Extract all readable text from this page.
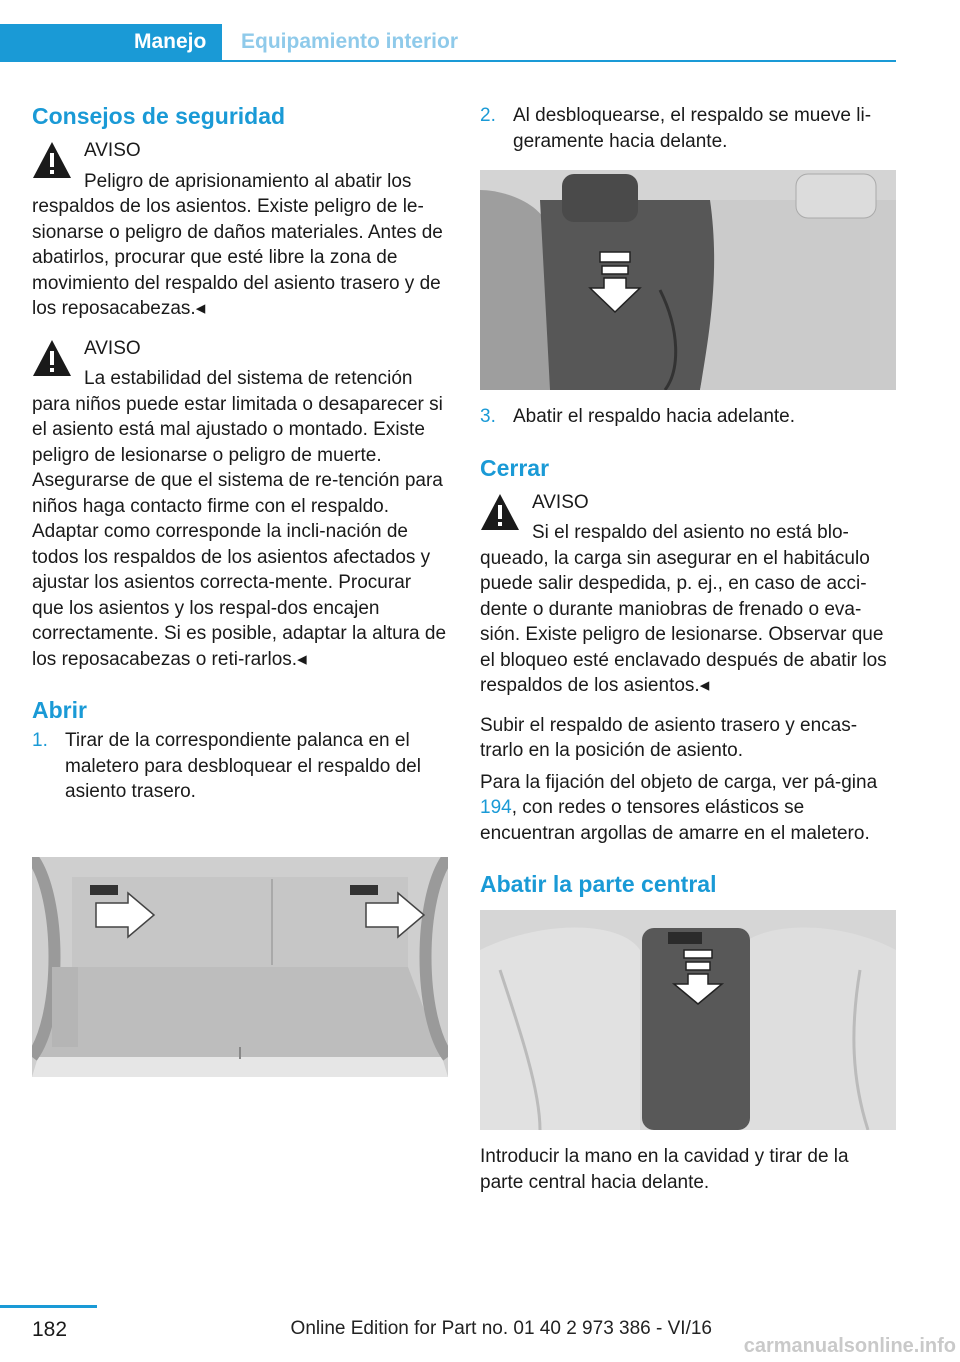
Manejo Equipamiento interior
Consejos de seguridad

AVISO

Peligro de aprisionamiento al abatir los respaldos de los asientos. Existe peligro de le-sionarse o peligro de daños materiales. Antes de abatirlos, procurar que esté libre la zona de movimiento del respaldo del asiento trasero y de los reposacabezas.◂

AVISO

La estabilidad del sistema de retención para niños puede estar limitada o desaparecer si el asiento está mal ajustado o montado. Existe peligro de lesionarse o peligro de muerte. Asegurarse de que el sistema de re-tención para niños haga contacto firme con el respaldo. Adaptar como corresponde la incli-nación de todos los respaldos de los asientos afectados y ajustar los asientos correcta-mente. Procurar que los asientos y los respal-dos encajen correctamente. Si es posible, adaptar la altura de los reposacabezas o reti-rarlos.◂

Abrir
1. Tirar de la correspondiente palanca en el maletero para desbloquear el respaldo del asiento trasero.
2. Al desbloquearse, el respaldo se mueve li-geramente hacia delante.
3. Abatir el respaldo hacia adelante.
Cerrar

AVISO

Si el respaldo del asiento no está blo-queado, la carga sin asegurar en el habitáculo puede salir despedida, p. ej., en caso de acci-dente o durante maniobras de frenado o eva-sión. Existe peligro de lesionarse. Observar que el bloqueo esté enclavado después de abatir los respaldos de los asientos.◂

Subir el respaldo de asiento trasero y encas-trarlo en la posición de asiento.

Para la fijación del objeto de carga, ver pá-gina 194, con redes o tensores elásticos se encuentran argollas de amarre en el maletero.

Abatir la parte central

Introducir la mano en la cavidad y tirar de la parte central hacia delante.

182	Online Edition for Part no. 01 40 2 973 386 - VI/16
carmanualsonline.info
